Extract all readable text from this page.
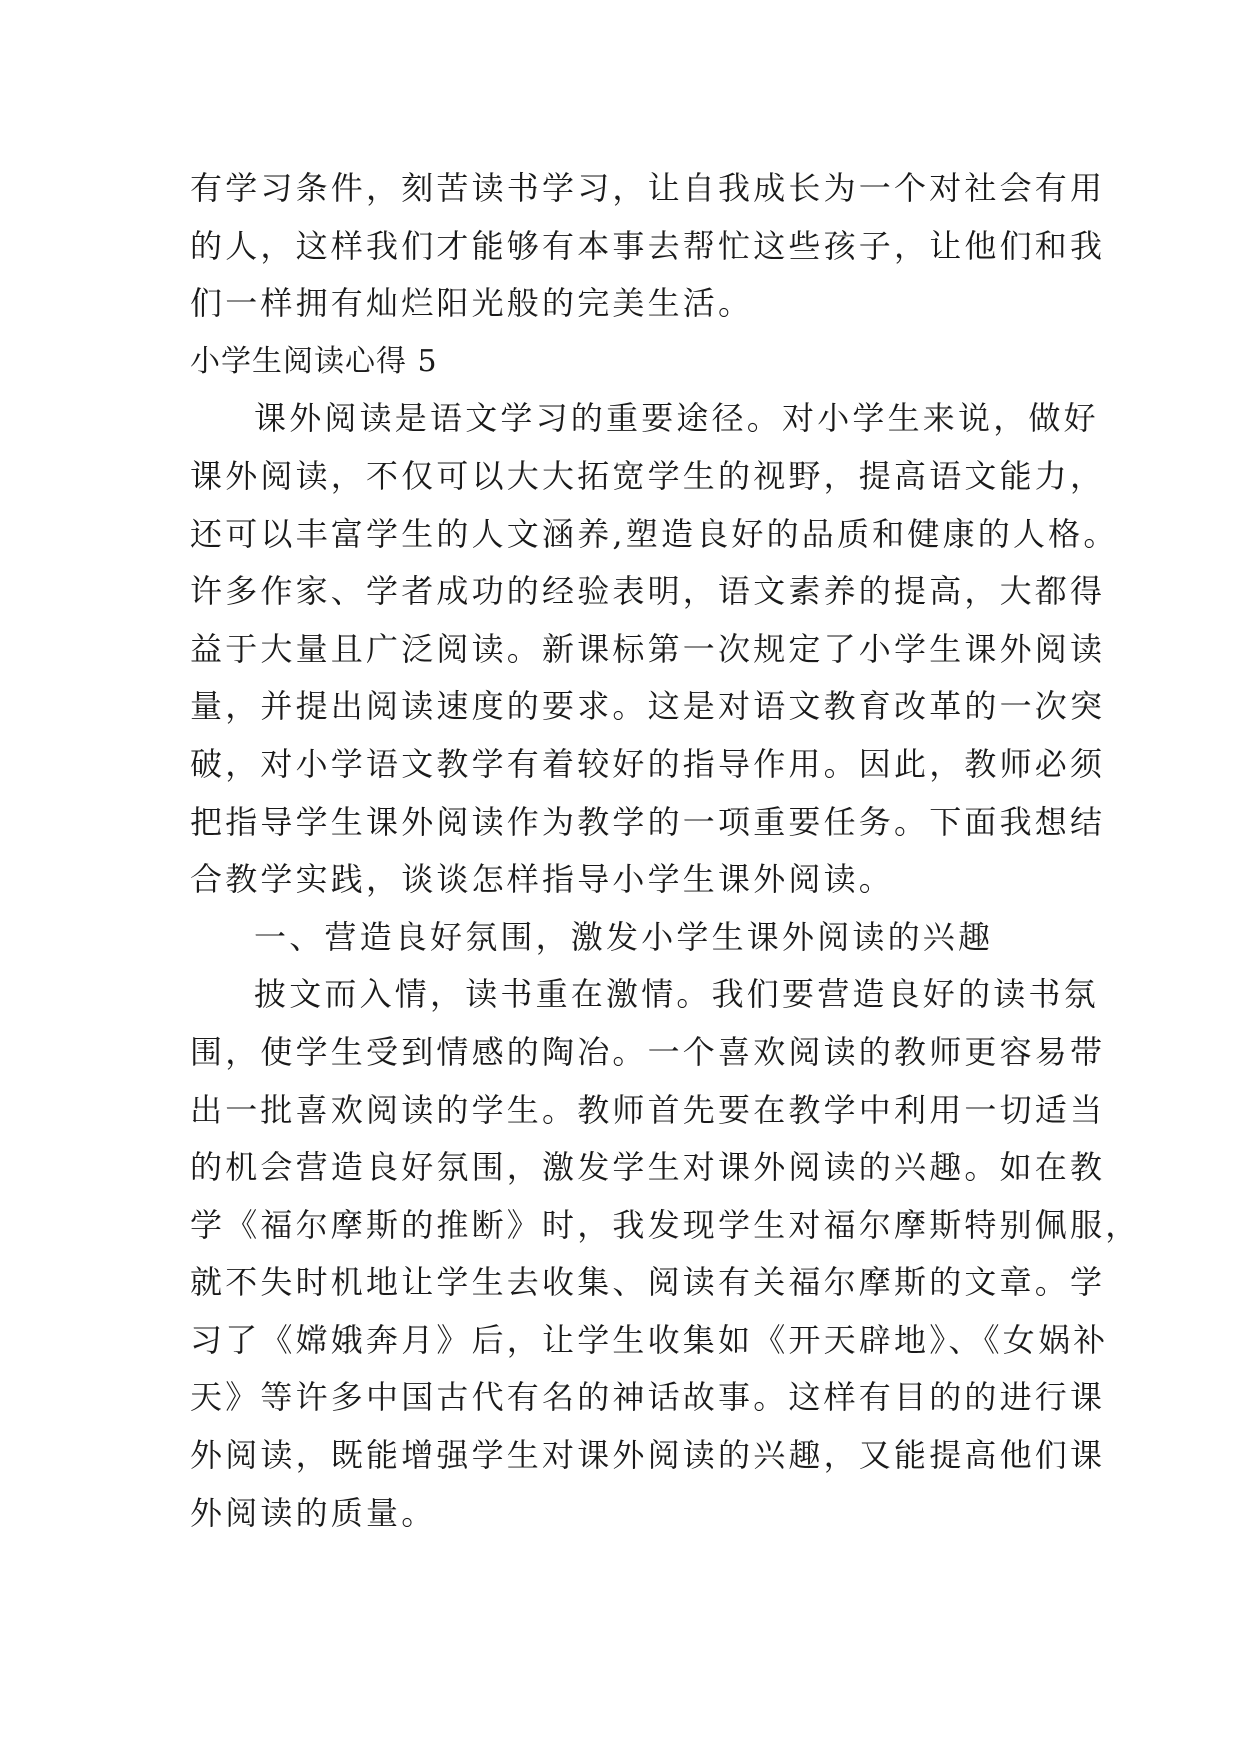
有学习条件，刻苦读书学习，让自我成长为一个对社会有用

的人，这样我们才能够有本事去帮忙这些孩子，让他们和我

们一样拥有灿烂阳光般的完美生活。

小学生阅读心得 5

课外阅读是语文学习的重要途径。对小学生来说，做好

课外阅读，不仅可以大大拓宽学生的视野，提高语文能力，

还可以丰富学生的人文涵养,塑造良好的品质和健康的人格。

许多作家、学者成功的经验表明，语文素养的提高，大都得

益于大量且广泛阅读。新课标第一次规定了小学生课外阅读

量，并提出阅读速度的要求。这是对语文教育改革的一次突

破，对小学语文教学有着较好的指导作用。因此，教师必须

把指导学生课外阅读作为教学的一项重要任务。下面我想结

合教学实践，谈谈怎样指导小学生课外阅读。

一、营造良好氛围，激发小学生课外阅读的兴趣

披文而入情，读书重在激情。我们要营造良好的读书氛

围，使学生受到情感的陶冶。一个喜欢阅读的教师更容易带

出一批喜欢阅读的学生。教师首先要在教学中利用一切适当

的机会营造良好氛围，激发学生对课外阅读的兴趣。如在教

学《福尔摩斯的推断》时，我发现学生对福尔摩斯特别佩服，

就不失时机地让学生去收集、阅读有关福尔摩斯的文章。学

习了《嫦娥奔月》后，让学生收集如《开天辟地》、《女娲补

天》等许多中国古代有名的神话故事。这样有目的的进行课

外阅读，既能增强学生对课外阅读的兴趣，又能提高他们课

外阅读的质量。
